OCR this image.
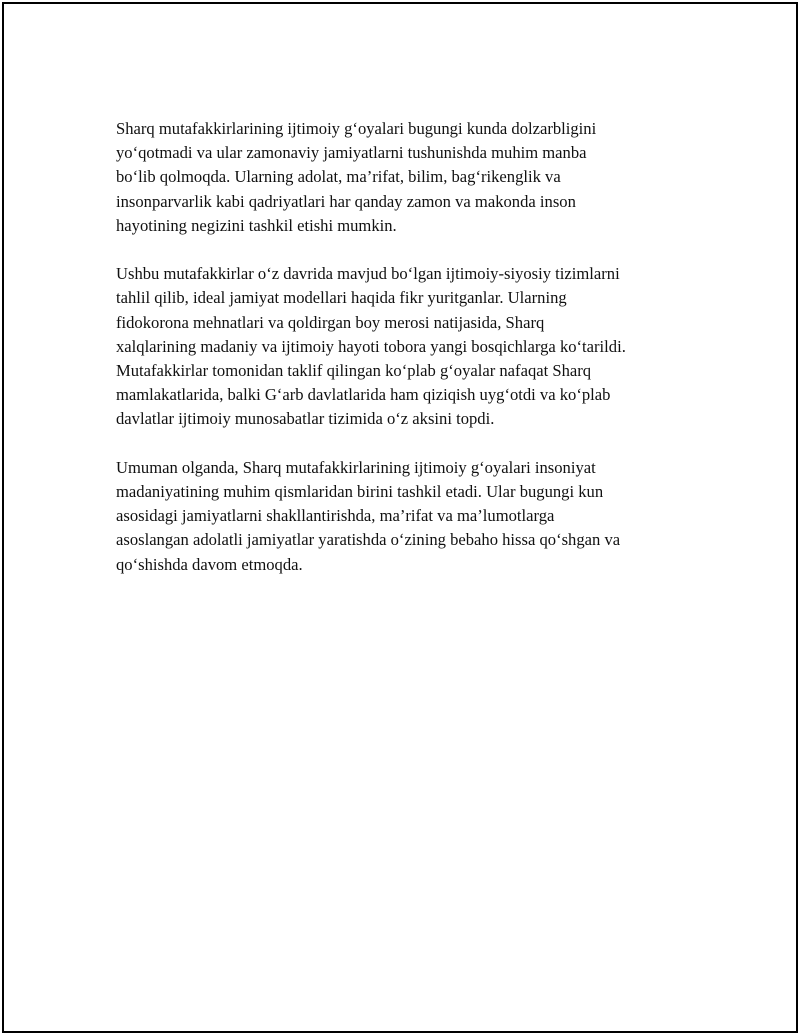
Sharq mutafakkirlarining ijtimoiy g‘oyalari bugungi kunda dolzarbligini
yo‘qotmadi va ular zamonaviy jamiyatlarni tushunishda muhim manba
bo‘lib qolmoqda. Ularning adolat, ma’rifat, bilim, bag‘rikenglik va
insonparvarlik kabi qadriyatlari har qanday zamon va makonda inson
hayotining negizini tashkil etishi mumkin.

Ushbu mutafakkirlar o‘z davrida mavjud bo‘lgan ijtimoiy-siyosiy tizimlarni
tahlil qilib, ideal jamiyat modellari haqida fikr yuritganlar. Ularning
fidokorona mehnatlari va qoldirgan boy merosi natijasida, Sharq
xalqlarining madaniy va ijtimoiy hayoti tobora yangi bosqichlarga ko‘tarildi.
Mutafakkirlar tomonidan taklif qilingan ko‘plab g‘oyalar nafaqat Sharq
mamlakatlarida, balki G‘arb davlatlarida ham qiziqish uyg‘otdi va ko‘plab
davlatlar ijtimoiy munosabatlar tizimida o‘z aksini topdi.

Umuman olganda, Sharq mutafakkirlarining ijtimoiy g‘oyalari insoniyat
madaniyatining muhim qismlaridan birini tashkil etadi. Ular bugungi kun
asosidagi jamiyatlarni shakllantirishda, ma’rifat va ma’lumotlarga
asoslangan adolatli jamiyatlar yaratishda o‘zining bebaho hissa qo‘shgan va
qo‘shishda davom etmoqda.
